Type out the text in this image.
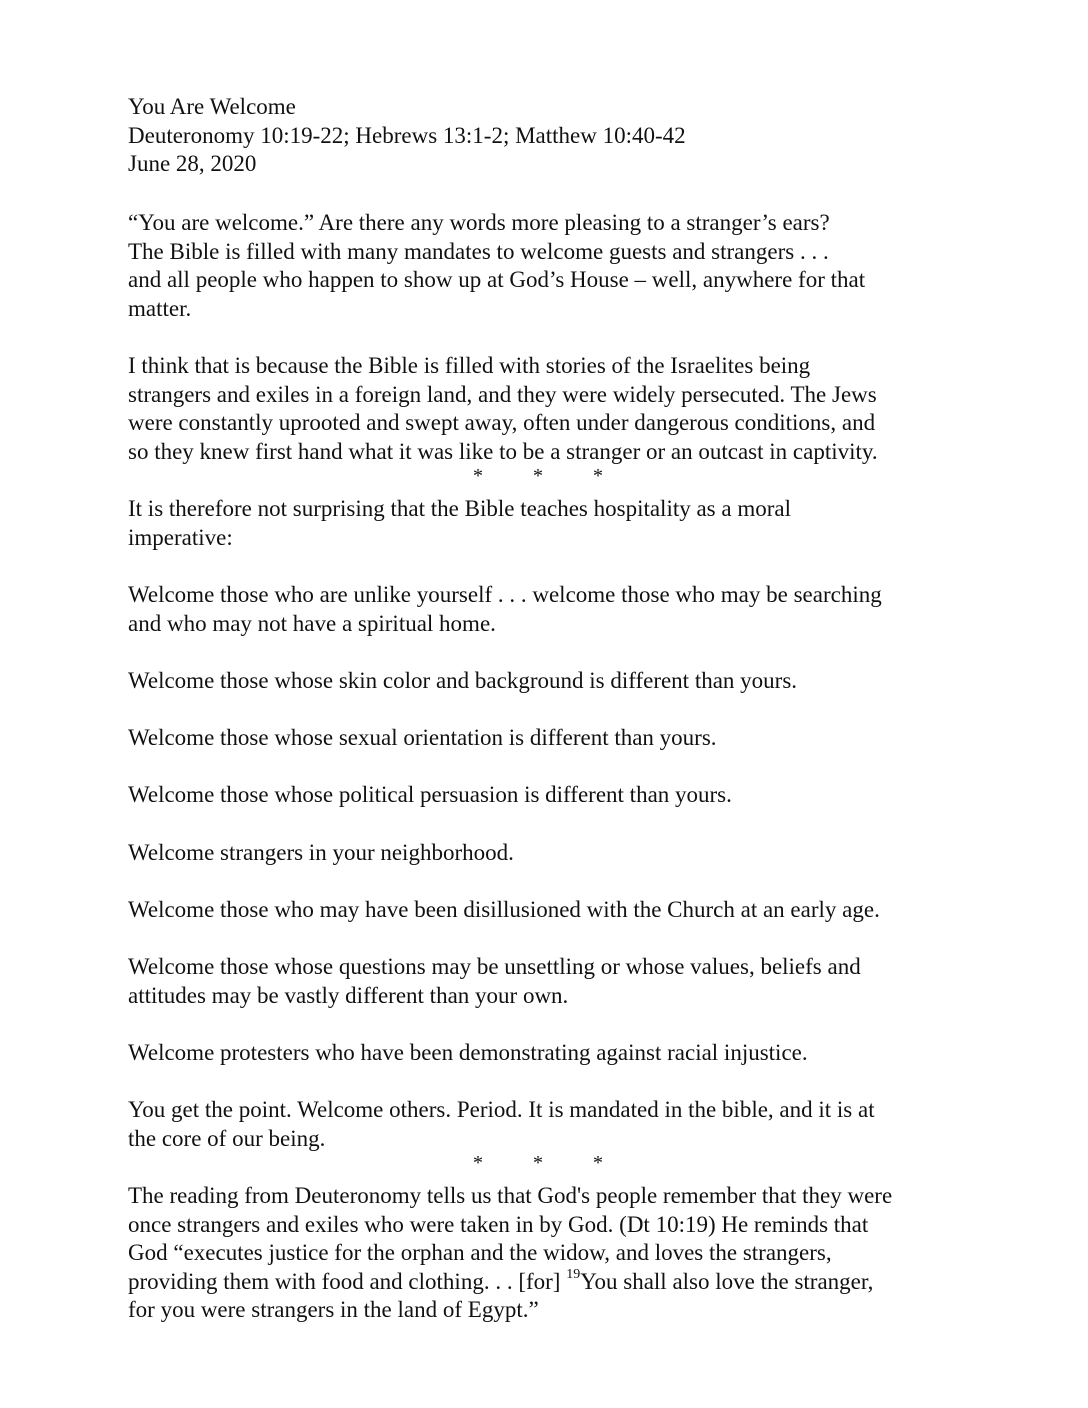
You Are Welcome
Deuteronomy 10:19-22; Hebrews 13:1-2; Matthew 10:40-42
June 28, 2020
“You are welcome.” Are there any words more pleasing to a stranger’s ears?
The Bible is filled with many mandates to welcome guests and strangers . . .
and all people who happen to show up at God’s House – well, anywhere for that
matter.
I think that is because the Bible is filled with stories of the Israelites being
strangers and exiles in a foreign land, and they were widely persecuted. The Jews
were constantly uprooted and swept away, often under dangerous conditions, and
so they knew first hand what it was like to be a stranger or an outcast in captivity.
*	*	*
It is therefore not surprising that the Bible teaches hospitality as a moral
imperative:
Welcome those who are unlike yourself . . . welcome those who may be searching
and who may not have a spiritual home.
Welcome those whose skin color and background is different than yours.
Welcome those whose sexual orientation is different than yours.
Welcome those whose political persuasion is different than yours.
Welcome strangers in your neighborhood.
Welcome those who may have been disillusioned with the Church at an early age.
Welcome those whose questions may be unsettling or whose values, beliefs and
attitudes may be vastly different than your own.
Welcome protesters who have been demonstrating against racial injustice.
You get the point. Welcome others. Period. It is mandated in the bible, and it is at
the core of our being.
*	*	*
The reading from Deuteronomy tells us that God's people remember that they were
once strangers and exiles who were taken in by God. (Dt 10:19) He reminds that
God “executes justice for the orphan and the widow, and loves the strangers,
providing them with food and clothing. . . [for] $^{19}$You shall also love the stranger,
for you were strangers in the land of Egypt.”
